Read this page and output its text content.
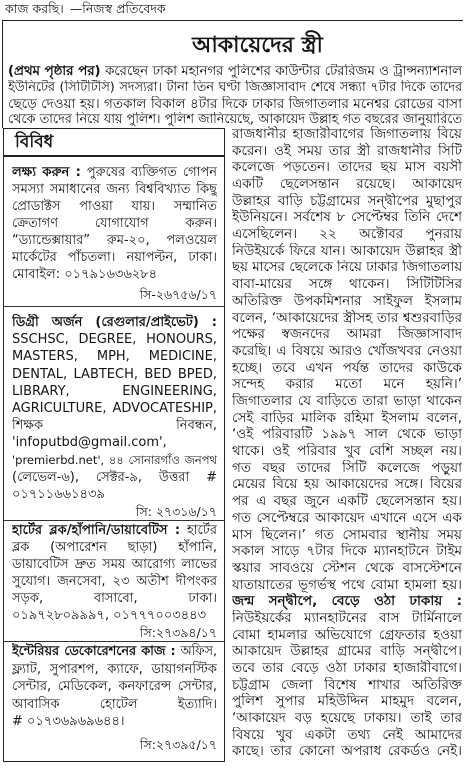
কাজ করছি। —নিজস্ব প্রতিবেদক
আকায়েদের স্ত্রী
(প্রথম পৃষ্ঠার পর) করেছেন ঢাকা মহানগর পুলিশের কাউন্টার টেররিজম ও ট্রান্সন্যাশনাল
ইউনিটের (সিটিটিসি) সদস্যরা। টানা তিন ঘণ্টা জিজ্ঞাসাবাদ শেষে সন্ধ্যা ৭টার দিকে তাদের
ছেড়ে দেওয়া হয়। গতকাল বিকাল ৪টার দিকে ঢাকার জিগাতলার মনেশ্বর রোডের বাসা
থেকে তাদের নিয়ে যায় পুলিশ। পুলিশ জানিয়েছে, আকায়েদ উল্লাহ গত বছরের জানুয়ারিতে
রাজধানীর হাজারীবাগের জিগাতলায় বিয়ে
করেন। ওই সময় তার স্ত্রী রাজধানীর সিটি
কলেজে পড়তেন। তাদের ছয় মাস বয়সী
একটি ছেলেসন্তান রয়েছে। আকায়েদ
উল্লাহর বাড়ি চট্টগ্রামের সন্দ্বীপের মুছাপুর
ইউনিয়নে। সর্বশেষ ৮ সেপ্টেম্বর তিনি দেশে
এসেছিলেন। ২২ অক্টোবর পুনরায়
নিউইয়র্কে ফিরে যান। আকায়েদ উল্লাহর স্ত্রী
ছয় মাসের ছেলেকে নিয়ে ঢাকার জিগাতলায়
বাবা-মায়ের সঙ্গে থাকেন। সিটিটিসির
অতিরিক্ত উপকমিশনার সাইফুল ইসলাম
বলেন, ‘আকায়েদের স্ত্রীসহ তার শ্বশুরবাড়ির
পক্ষের স্বজনদের আমরা জিজ্ঞাসাবাদ
করেছি। এ বিষয়ে আরও খোঁজখবর নেওয়া
হচ্ছে। তবে এখন পর্যন্ত তাদের কাউকে
সন্দেহ করার মতো মনে হয়নি।’
জিগাতলার যে বাড়িতে তারা ভাড়া থাকেন
সেই বাড়ির মালিক রহিমা ইসলাম বলেন,
‘ওই পরিবারটি ১৯৯৭ সাল থেকে ভাড়া
থাকে। ওই পরিবার খুব বেশি সচ্ছল নয়।
গত বছর তাদের সিটি কলেজে পড়ুয়া
মেয়ের বিয়ে হয় আকায়েদের সঙ্গে। বিয়ের
পর এ বছর জুনে একটি ছেলেসন্তান হয়।
গত সেপ্টেম্বরে আকায়েদ এখানে এসে এক
মাস ছিলেন।’ গত সোমবার স্থানীয় সময়
সকাল সাড়ে ৭টার দিকে ম্যানহাটনে টাইম
স্কয়ার সাবওয়ে স্টেশন থেকে বাসস্টেশনে
যাতায়াতের ভূগর্ভস্থ পথে বোমা হামলা হয়।
জন্ম সন্দ্বীপে, বেড়ে ওঠা ঢাকায় :
নিউইয়র্কের ম্যানহাটনের বাস টার্মিনালে
বোমা হামলার অভিযোগে গ্রেফতার হওয়া
আকায়েদ উল্লাহর গ্রামের বাড়ি সন্দ্বীপে।
তবে তার বেড়ে ওঠা ঢাকার হাজারীবাগে।
চট্টগ্রাম জেলা বিশেষ শাখার অতিরিক্ত
পুলিশ সুপার মহিউদ্দিন মাহমুদ বলেন,
‘আকায়েদ বড় হয়েছে ঢাকায়। তাই তার
বিষয়ে খুব একটা তথ্য নেই আমাদের
কাছে। তার কোনো অপরাধ রেকর্ডও নেই।
বিবিধ
লক্ষ্য করুন : পুরুষের ব্যক্তিগত গোপন
সমস্যা সমাধানের জন্য বিশ্ববিখ্যাত কিছু
প্রোডাক্টস পাওয়া যায়। সম্মানিত
ক্রেতাগণ যোগাযোগ করুন।
“ড্যান্ডেক্সায়ার” রুম-২০, পলওয়েল
মার্কেটের পাঁচতলা। নয়াপল্টন, ঢাকা।
মোবাইল: ০১৭৯১৬৩৬২৮৪
সি-২৬৭৫৬/১৭
ডিগ্রী অর্জন (রেগুলার/প্রাইভেট) :
SSCHSC, DEGREE, HONOURS,
MASTERS, MPH, MEDICINE,
DENTAL, LABTECH, BED BPED,
LIBRARY, ENGINEERING,
AGRICULTURE, ADVOCATESHIP,
শিক্ষক নিবন্ধন,
'infoputbd@gmail.com',
'premierbd.net', ৪৪ সোনারগাঁও জনপথ
(লেভেল-৬), সেক্টর-৯, উত্তরা #
০১৭১১৬৬১৪৩৯
সি: ২৭৩১৬/১৭
হার্টের ব্লক/হাঁপানি/ডায়াবেটিস : হার্টের
ব্লক (অপারেশন ছাড়া) হাঁপানি,
ডায়াবেটিস দ্রুত সময় আরোগ্য লাভের
সুযোগ। জনসেবা, ২৩ অতীশ দীপংকর
সড়ক, বাসাবো, ঢাকা।
০১৯৭২৮০৯৯৯৭, ০১৭৭৭০০৩৪৪৩
সি:২৭৩৯৪/১৭
ইন্টেরিয়র ডেকোরেশনের কাজ : অফিস,
ফ্ল্যাট, সুপারশপ, ক্যাফে, ডায়াগনস্টিক
সেন্টার, মেডিকেল, কনফারেন্স সেন্টার,
আবাসিক হোটেল ইত্যাদি।
# ০১৭৩৬৯৬৯৬৪৪।
সি:২৭৩৯৫/১৭
